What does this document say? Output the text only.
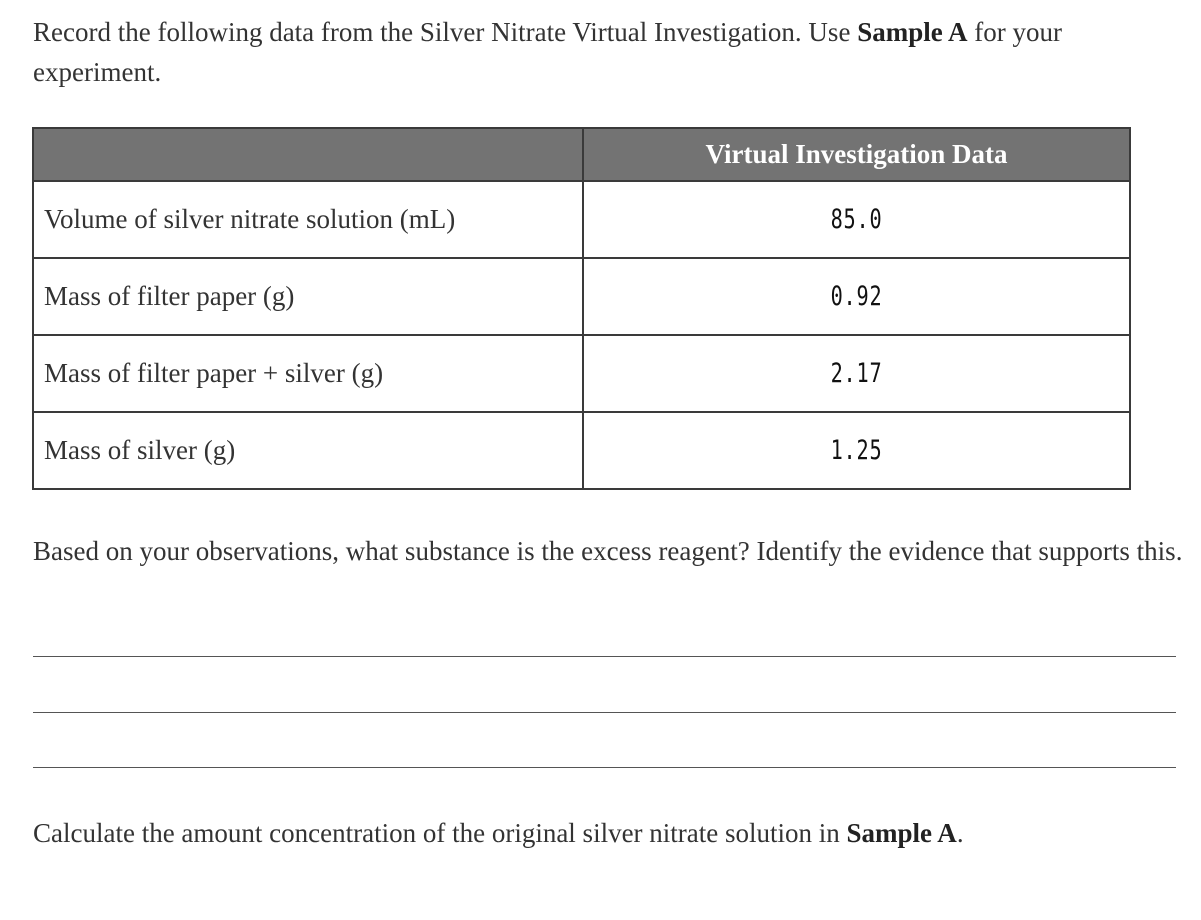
Record the following data from the Silver Nitrate Virtual Investigation. Use Sample A for your experiment.

	Virtual Investigation Data
Volume of silver nitrate solution (mL)	85.0
Mass of filter paper (g)	0.92
Mass of filter paper + silver (g)	2.17
Mass of silver (g)	1.25

Based on your observations, what substance is the excess reagent? Identify the evidence that supports this.

Calculate the amount concentration of the original silver nitrate solution in Sample A.
